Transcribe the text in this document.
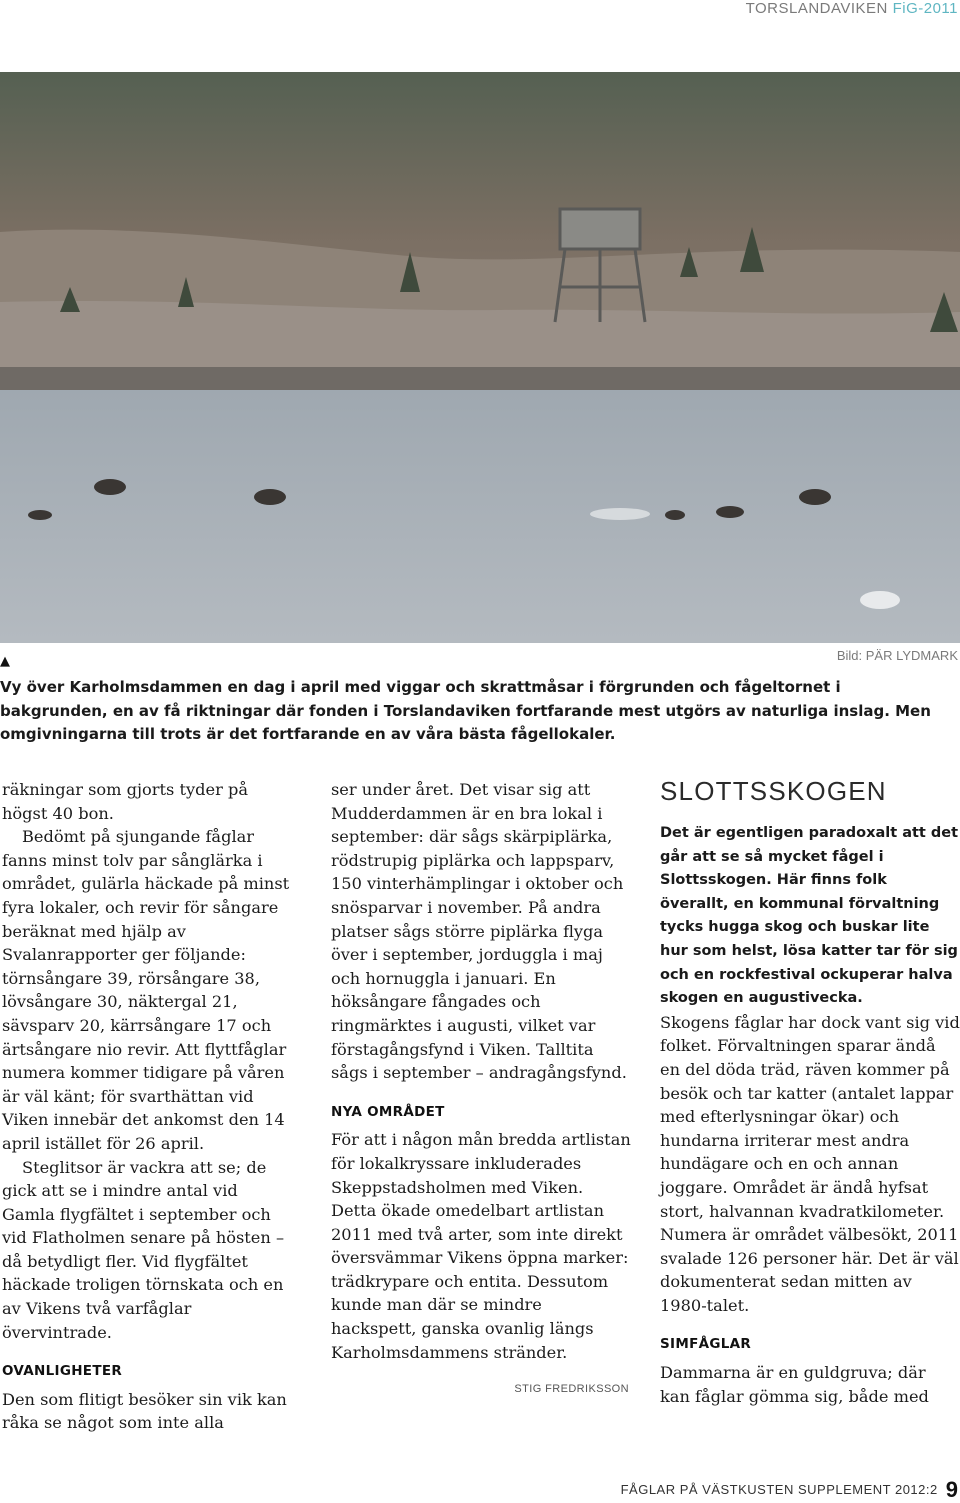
TORSLANDAVIKEN FiG-2011
Bild: PÄR LYDMARK
▲
Vy över Karholmsdammen en dag i april med viggar och skrattmåsar i förgrunden och fågeltornet i bakgrunden, en av få riktningar där fonden i Torslandaviken fortfarande mest utgörs av naturliga inslag. Men omgivningarna till trots är det fortfarande en av våra bästa fågellokaler.

räkningar som gjorts tyder på högst 40 bon.

Bedömt på sjungande fåglar fanns minst tolv par sånglärka i området, gulärla häckade på minst fyra lokaler, och revir för sångare beräknat med hjälp av Svalanrapporter ger följande: törnsångare 39, rörsångare 38, lövsångare 30, näktergal 21, sävsparv 20, kärrsångare 17 och ärtsångare nio revir. Att flyttfåglar numera kommer tidigare på våren är väl känt; för svarthättan vid Viken innebär det ankomst den 14 april istället för 26 april.

Steglitsor är vackra att se; de gick att se i mindre antal vid Gamla flygfältet i september och vid Flatholmen senare på hösten – då betydligt fler. Vid flygfältet häckade troligen törnskata och en av Vikens två varfåglar övervintrade.

OVANLIGHETER

Den som flitigt besöker sin vik kan råka se något som inte alla

ser under året. Det visar sig att Mudderdammen är en bra lokal i september: där sågs skärpiplärka, rödstrupig piplärka och lappsparv, 150 vinterhämplingar i oktober och snösparvar i november. På andra platser sågs större piplärka flyga över i september, jorduggla i maj och hornuggla i januari. En höksångare fångades och ringmärktes i augusti, vilket var förstagångsfynd i Viken. Talltita sågs i september – andragångsfynd.

NYA OMRÅDET

För att i någon mån bredda artlistan för lokalkryssare inkluderades Skeppstadsholmen med Viken. Detta ökade omedelbart artlistan 2011 med två arter, som inte direkt översvämmar Vikens öppna marker: trädkrypare och entita. Dessutom kunde man där se mindre hackspett, ganska ovanlig längs Karholmsdammens stränder.

STIG FREDRIKSSON
SLOTTSSKOGEN

Det är egentligen paradoxalt att det går att se så mycket fågel i Slottsskogen. Här finns folk överallt, en kommunal förvaltning tycks hugga skog och buskar lite hur som helst, lösa katter tar för sig och en rockfestival ockuperar halva skogen en augustivecka.

Skogens fåglar har dock vant sig vid folket. Förvaltningen sparar ändå en del döda träd, räven kommer på besök och tar katter (antalet lappar med efterlysningar ökar) och hundarna irriterar mest andra hundägare och en och annan joggare. Området är ändå hyfsat stort, halvannan kvadratkilometer. Numera är området välbesökt, 2011 svalade 126 personer här. Det är väl dokumenterat sedan mitten av 1980-talet.

SIMFÅGLAR

Dammarna är en guldgruva; där kan fåglar gömma sig, både med

FÅGLAR PÅ VÄSTKUSTEN SUPPLEMENT 2012:2 9
